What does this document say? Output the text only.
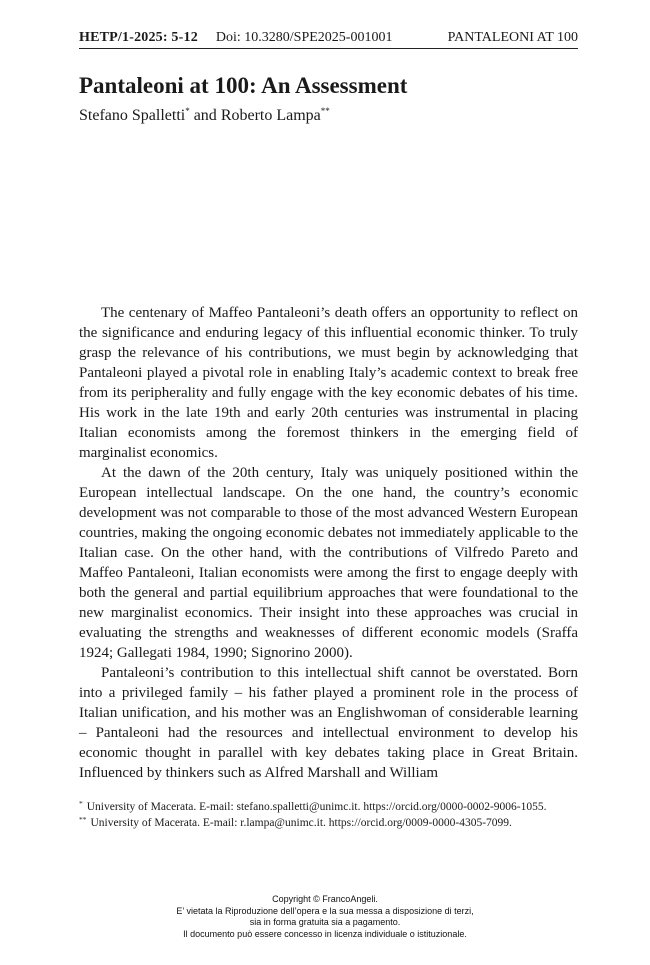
HETP/1-2025: 5-12 Doi: 10.3280/SPE2025-001001	PANTALEONI AT 100
Pantaleoni at 100: An Assessment
Stefano Spalletti* and Roberto Lampa**

The centenary of Maffeo Pantaleoni’s death offers an opportunity to reflect on the significance and enduring legacy of this influential economic thinker. To truly grasp the relevance of his contributions, we must begin by acknowledging that Pantaleoni played a pivotal role in enabling Italy’s academic context to break free from its peripherality and fully engage with the key economic debates of his time. His work in the late 19th and early 20th centuries was instrumental in placing Italian economists among the foremost thinkers in the emerging field of marginalist economics.

At the dawn of the 20th century, Italy was uniquely positioned within the European intellectual landscape. On the one hand, the country’s economic development was not comparable to those of the most advanced Western European countries, making the ongoing economic debates not immediately applicable to the Italian case. On the other hand, with the contributions of Vilfredo Pareto and Maffeo Pantaleoni, Italian economists were among the first to engage deeply with both the general and partial equilibrium approaches that were foundational to the new marginalist economics. Their insight into these approaches was crucial in evaluating the strengths and weaknesses of different economic models (Sraffa 1924; Gallegati 1984, 1990; Signorino 2000).

Pantaleoni’s contribution to this intellectual shift cannot be overstated. Born into a privileged family – his father played a prominent role in the process of Italian unification, and his mother was an Englishwoman of considerable learning – Pantaleoni had the resources and intellectual environment to develop his economic thought in parallel with key debates taking place in Great Britain. Influenced by thinkers such as Alfred Marshall and William

* University of Macerata. E-mail: stefano.spalletti@unimc.it. https://orcid.org/0000-0002-9006-1055.

** University of Macerata. E-mail: r.lampa@unimc.it. https://orcid.org/0009-0000-4305-7099.

Copyright © FrancoAngeli.
E’ vietata la Riproduzione dell’opera e la sua messa a disposizione di terzi,
sia in forma gratuita sia a pagamento.
Il documento può essere concesso in licenza individuale o istituzionale.
